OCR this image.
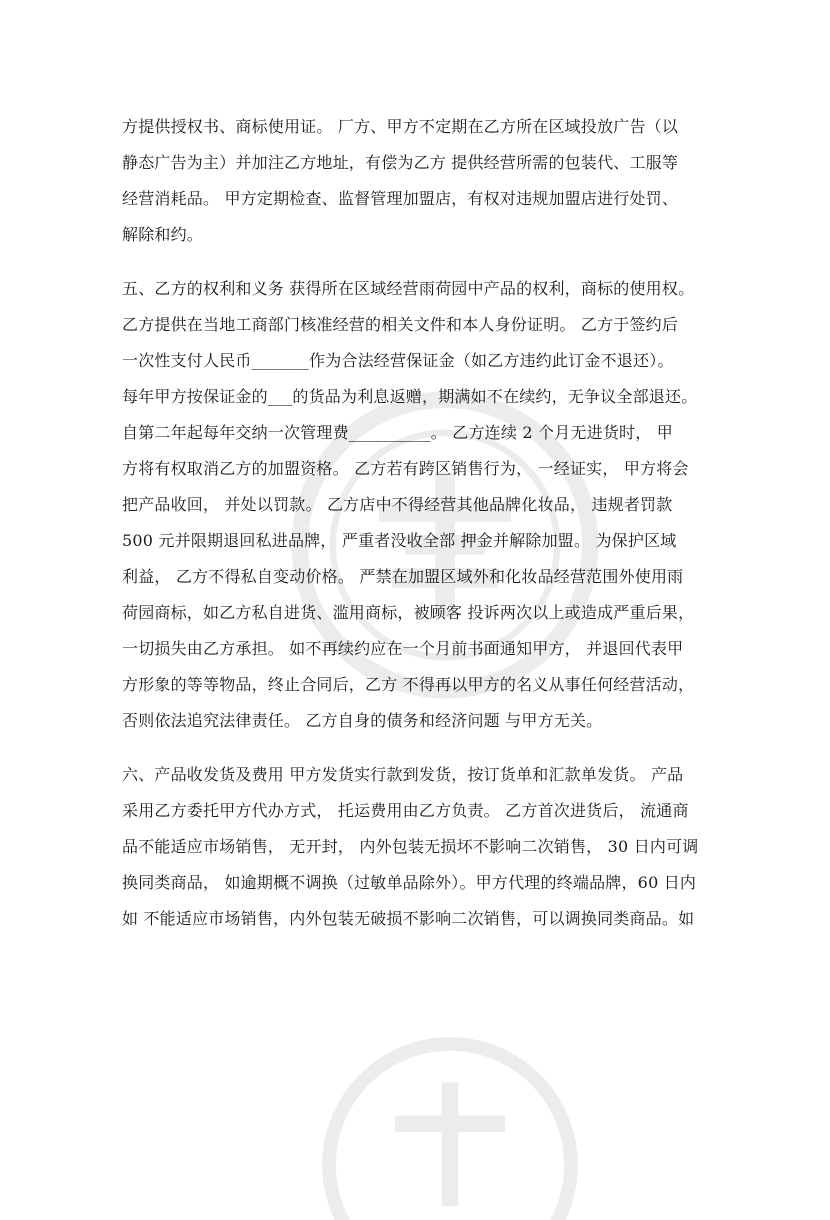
方提供授权书、商标使用证。 厂方、甲方不定期在乙方所在区域投放广告（以
静态广告为主）并加注乙方地址，有偿为乙方 提供经营所需的包装代、工服等
经营消耗品。 甲方定期检查、监督管理加盟店，有权对违规加盟店进行处罚、
解除和约。
五、乙方的权利和义务 获得所在区域经营雨荷园中产品的权利，商标的使用权。
乙方提供在当地工商部门核准经营的相关文件和本人身份证明。 乙方于签约后
一次性支付人民币_______作为合法经营保证金（如乙方违约此订金不退还）。
每年甲方按保证金的___的货品为利息返赠，期满如不在续约，无争议全部退还。
自第二年起每年交纳一次管理费__________。 乙方连续 2 个月无进货时， 甲
方将有权取消乙方的加盟资格。 乙方若有跨区销售行为， 一经证实， 甲方将会
把产品收回， 并处以罚款。 乙方店中不得经营其他品牌化妆品， 违规者罚款
500 元并限期退回私进品牌， 严重者没收全部 押金并解除加盟。 为保护区域
利益， 乙方不得私自变动价格。 严禁在加盟区域外和化妆品经营范围外使用雨
荷园商标，如乙方私自进货、滥用商标，被顾客 投诉两次以上或造成严重后果，
一切损失由乙方承担。 如不再续约应在一个月前书面通知甲方， 并退回代表甲
方形象的等等物品，终止合同后，乙方 不得再以甲方的名义从事任何经营活动，
否则依法追究法律责任。 乙方自身的债务和经济问题 与甲方无关。
六、产品收发货及费用 甲方发货实行款到发货，按订货单和汇款单发货。 产品
采用乙方委托甲方代办方式， 托运费用由乙方负责。 乙方首次进货后， 流通商
品不能适应市场销售， 无开封， 内外包装无损坏不影响二次销售， 30 日内可调
换同类商品， 如逾期概不调换（过敏单品除外）。甲方代理的终端品牌，60 日内
如 不能适应市场销售，内外包装无破损不影响二次销售，可以调换同类商品。如
